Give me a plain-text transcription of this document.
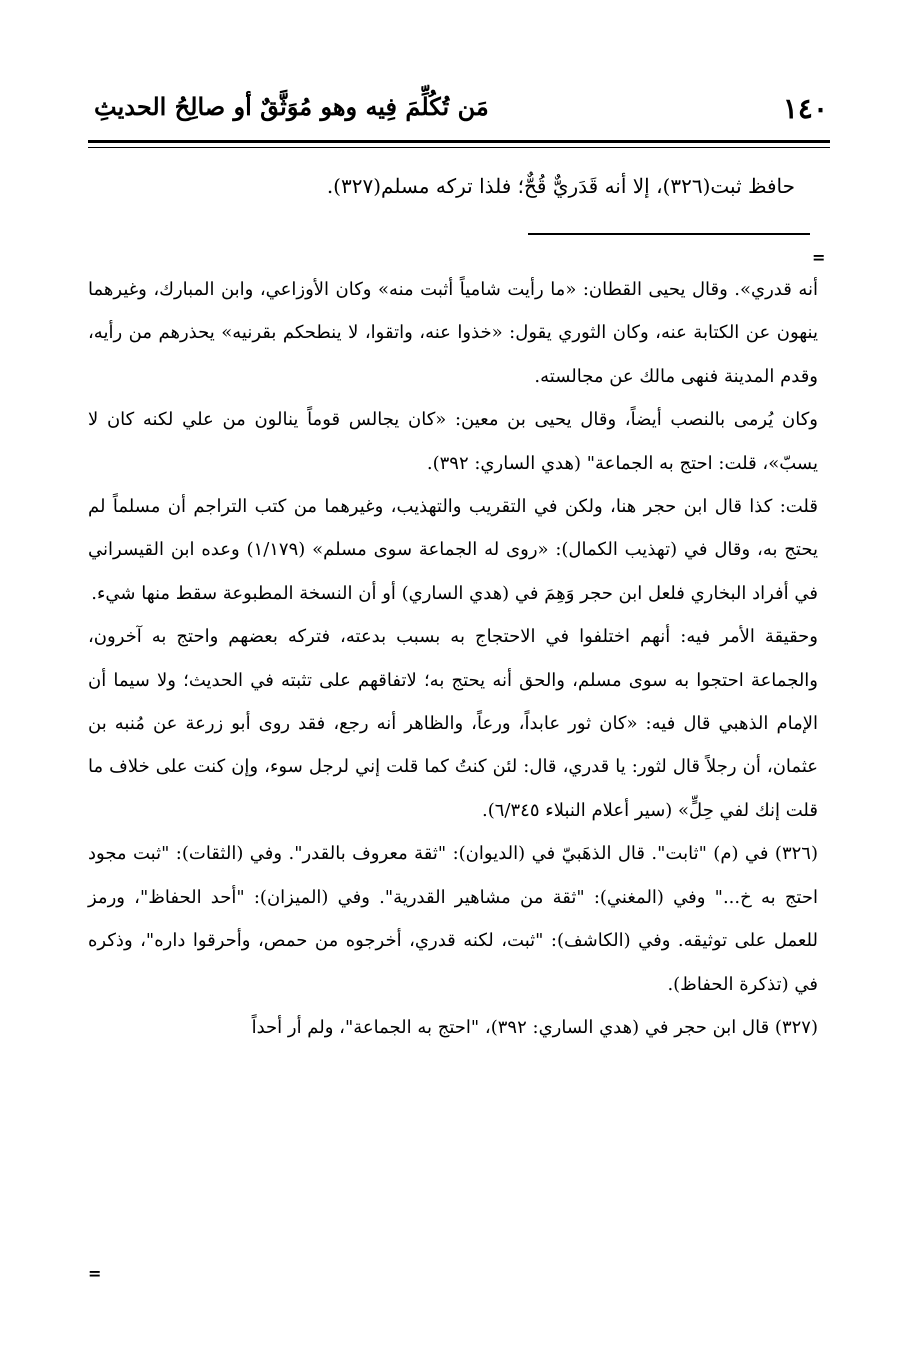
١٤٠
مَن تُكُلِّمَ فِيه وهو مُوَثَّقٌ أو صالِحُ الحديثِ
حافظ ثبت(٣٢٦)، إلا أنه قَدَريٌّ قُحٌّ؛ فلذا تركه مسلم(٣٢٧).
=

أنه قدري». وقال يحيى القطان: «ما رأيت شامياً أثبت منه» وكان الأوزاعي، وابن المبارك، وغيرهما ينهون عن الكتابة عنه، وكان الثوري يقول: «خذوا عنه، واتقوا، لا ينطحكم بقرنيه» يحذرهم من رأيه، وقدم المدينة فنهى مالك عن مجالسته.

وكان يُرمى بالنصب أيضاً، وقال يحيى بن معين: «كان يجالس قوماً ينالون من علي لكنه كان لا يسبّ»، قلت: احتج به الجماعة" (هدي الساري: ٣٩٢).

قلت: كذا قال ابن حجر هنا، ولكن في التقريب والتهذيب، وغيرهما من كتب التراجم أن مسلماً لم يحتج به، وقال في (تهذيب الكمال): «روى له الجماعة سوى مسلم» (١/١٧٩) وعده ابن القيسراني في أفراد البخاري فلعل ابن حجر وَهِمَ في (هدي الساري) أو أن النسخة المطبوعة سقط منها شيء.

وحقيقة الأمر فيه: أنهم اختلفوا في الاحتجاج به بسبب بدعته، فتركه بعضهم واحتج به آخرون، والجماعة احتجوا به سوى مسلم، والحق أنه يحتج به؛ لاتفاقهم على تثبته في الحديث؛ ولا سيما أن الإمام الذهبي قال فيه: «كان ثور عابداً، ورعاً، والظاهر أنه رجع، فقد روى أبو زرعة عن مُنبه بن عثمان، أن رجلاً قال لثور: يا قدري، قال: لئن كنتُ كما قلت إني لرجل سوء، وإن كنت على خلاف ما قلت إنك لفي حِلٍّ» (سير أعلام النبلاء ٦/٣٤٥).

(٣٢٦) في (م) "ثابت". قال الذهَبيّ في (الديوان): "ثقة معروف بالقدر". وفي (الثقات): "ثبت مجود احتج به خ..." وفي (المغني): "ثقة من مشاهير القدرية". وفي (الميزان): "أحد الحفاظ"، ورمز للعمل على توثيقه. وفي (الكاشف): "ثبت، لكنه قدري، أخرجوه من حمص، وأحرقوا داره"، وذكره في (تذكرة الحفاظ).

(٣٢٧) قال ابن حجر في (هدي الساري: ٣٩٢)، "احتج به الجماعة"، ولم أر أحداً

=
